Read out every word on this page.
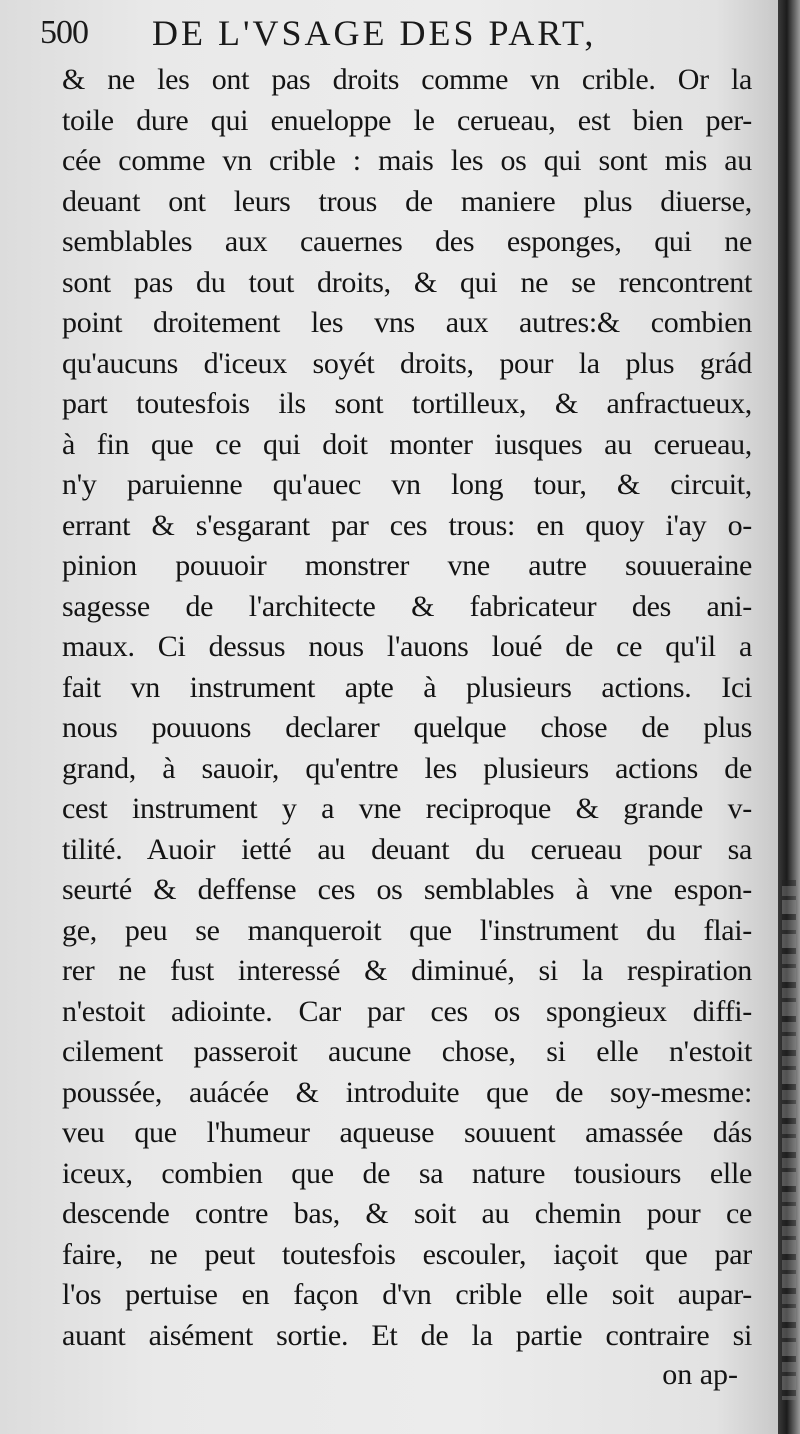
500 DE L'VSAGE DES PART,
& ne les ont pas droits comme vn crible. Or la
toile dure qui enueloppe le cerueau, est bien per-
cée comme vn crible : mais les os qui sont mis au
deuant ont leurs trous de maniere plus diuerse,
semblables aux cauernes des esponges, qui ne
sont pas du tout droits, & qui ne se rencontrent
point droitement les vns aux autres:& combien
qu'aucuns d'iceux soyét droits, pour la plus grád
part toutesfois ils sont tortilleux, & anfractueux,
à fin que ce qui doit monter iusques au cerueau,
n'y paruienne qu'auec vn long tour, & circuit,
errant & s'esgarant par ces trous: en quoy i'ay o-
pinion pouuoir monstrer vne autre souueraine
sagesse de l'architecte & fabricateur des ani-
maux. Ci dessus nous l'auons loué de ce qu'il a
fait vn instrument apte à plusieurs actions. Ici
nous pouuons declarer quelque chose de plus
grand, à sauoir, qu'entre les plusieurs actions de
cest instrument y a vne reciproque & grande v-
tilité. Auoir ietté au deuant du cerueau pour sa
seurté & deffense ces os semblables à vne espon-
ge, peu se manqueroit que l'instrument du flai-
rer ne fust interessé & diminué, si la respiration
n'estoit adiointe. Car par ces os spongieux diffi-
cilement passeroit aucune chose, si elle n'estoit
poussée, auácée & introduite que de soy-mesme:
veu que l'humeur aqueuse souuent amassée dás
iceux, combien que de sa nature tousiours elle
descende contre bas, & soit au chemin pour ce
faire, ne peut toutesfois escouler, iaçoit que par
l'os pertuise en façon d'vn crible elle soit aupar-
auant aisément sortie. Et de la partie contraire si
on ap-
